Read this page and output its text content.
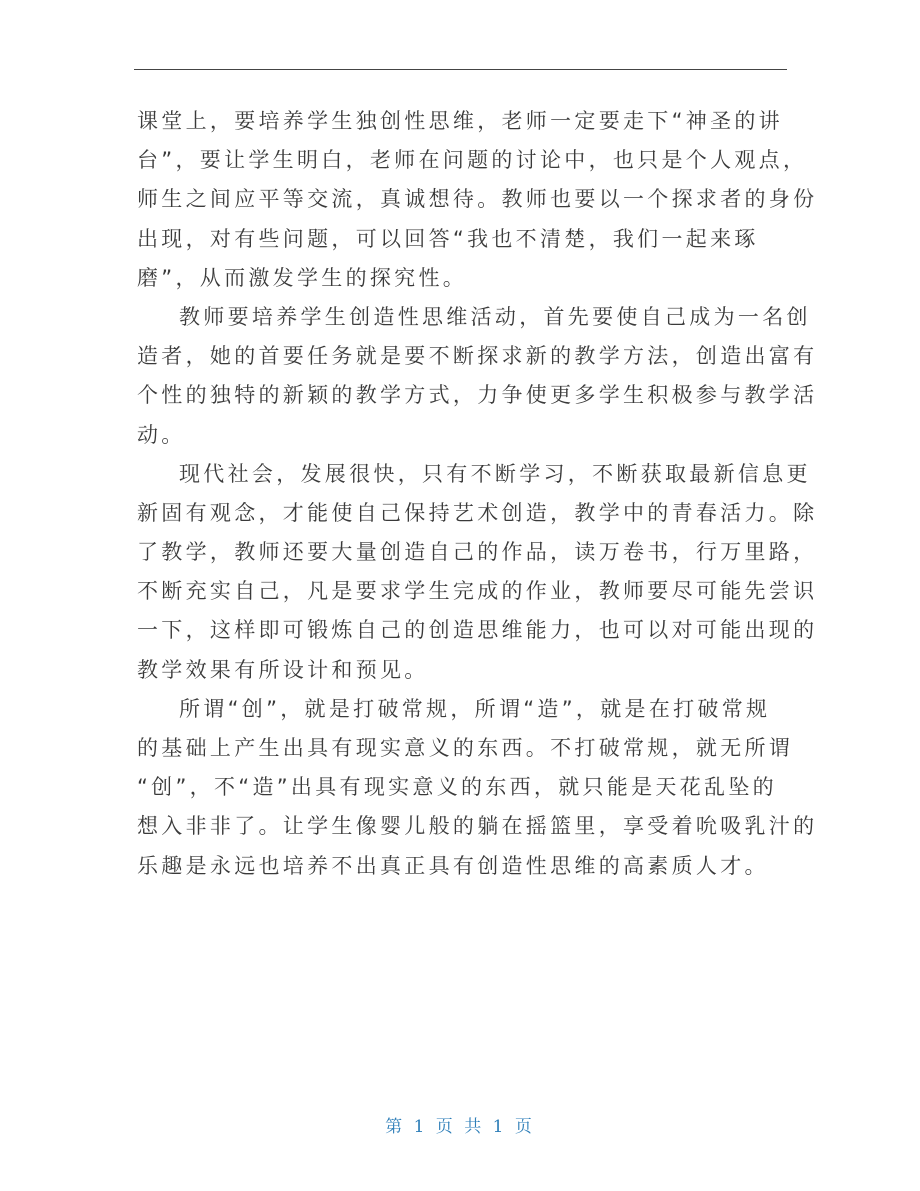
课堂上，要培养学生独创性思维，老师一定要走下“神圣的讲
台”，要让学生明白，老师在问题的讨论中，也只是个人观点，
师生之间应平等交流，真诚想待。教师也要以一个探求者的身份
出现，对有些问题，可以回答“我也不清楚，我们一起来琢
磨”，从而激发学生的探究性。
教师要培养学生创造性思维活动，首先要使自己成为一名创
造者，她的首要任务就是要不断探求新的教学方法，创造出富有
个性的独特的新颖的教学方式，力争使更多学生积极参与教学活
动。
现代社会，发展很快，只有不断学习，不断获取最新信息更
新固有观念，才能使自己保持艺术创造，教学中的青春活力。除
了教学，教师还要大量创造自己的作品，读万卷书，行万里路，
不断充实自己，凡是要求学生完成的作业，教师要尽可能先尝识
一下，这样即可锻炼自己的创造思维能力，也可以对可能出现的
教学效果有所设计和预见。
所谓“创”，就是打破常规，所谓“造”，就是在打破常规
的基础上产生出具有现实意义的东西。不打破常规，就无所谓
“创”，不“造”出具有现实意义的东西，就只能是天花乱坠的
想入非非了。让学生像婴儿般的躺在摇篮里，享受着吮吸乳汁的
乐趣是永远也培养不出真正具有创造性思维的高素质人才。
第 1 页 共 1 页
